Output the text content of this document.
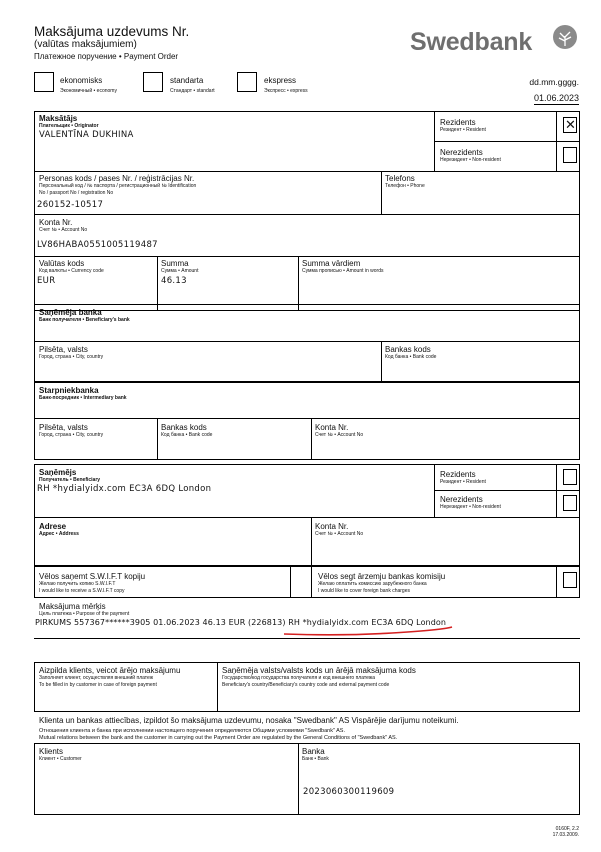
Maksājuma uzdevums Nr.
(valūtas maksājumiem)
Платежное поручение • Payment Order
Swedbank
ekonomisks
Экономичный • economy
standarta
Стандарт • standart
ekspress
Экспресс • express
dd.mm.gggg.
01.06.2023
Maksātājs
Плательщик • Originator
VALENTĪNA DUKHINA
Rezidents
Резидент • Resident	✕
Nerezidents
Нерезидент • Non-resident
Personas kods / pases Nr. / reģistrācijas Nr.
Персональный код / № паспорта / регистрационный № Identification No / passport No / registration No
260152-10517
Telefons
Телефон • Phone
Konta Nr.
Счет № • Account No
LV86HABA0551005119487
Valūtas kods
Код валюты • Currency code
EUR
Summa
Сумма • Amount
46.13
Summa vārdiem
Сумма прописью • Amount in words
Saņēmēja banka
Банк получателя • Beneficiary's bank
Pilsēta, valsts
Город, страна • City, country
Bankas kods
Код банка • Bank code
Starpniekbanka
Банк-посредник • Intermediary bank
Pilsēta, valsts
Город, страна • City, country
Bankas kods
Код банка • Bank code
Konta Nr.
Счет № • Account No
Saņēmējs
Получатель • Beneficiary
RH *hydialyidx.com EC3A 6DQ London
Rezidents
Резидент • Resident
Nerezidents
Нерезидент • Non-resident
Adrese
Адрес • Address
Konta Nr.
Счет № • Account No
Vēlos saņemt S.W.I.F.T kopiju
Желаю получить копию S.W.I.F.T
I would like to receive a S.W.I.F.T copy
Vēlos segt ārzemju bankas komisiju
Желаю оплатить комиссию зарубежного банка
I would like to cover foreign bank charges
Maksājuma mērķis
Цель платежа • Purpose of the payment
PIRKUMS 557367******3905 01.06.2023 46.13 EUR (226813) RH *hydialyidx.com EC3A 6DQ London
Aizpilda klients, veicot ārējo maksājumu
Заполняет клиент, осуществляя внешний платеж
To be filled in by customer in case of foreign payment
Saņēmēja valsts/valsts kods un ārējā maksājuma kods
Государство/код государства получателя и код внешнего платежа
Beneficiary's country/Beneficiary's country code and external payment code
Klienta un bankas attiecības, izpildot šo maksājuma uzdevumu, nosaka "Swedbank" AS Vispārējie darījumu noteikumi.
Отношения клиента и банка при исполнении настоящего поручения определяются Общими условиями "Swedbank" AS.
Mutual relations between the bank and the customer in carrying out the Payment Order are regulated by the General Conditions of "Swedbank" AS.
Klients
Клиент • Customer
Banka
Банк • Bank
2023060300119609
0160F, 2.2
17.03.2009.
